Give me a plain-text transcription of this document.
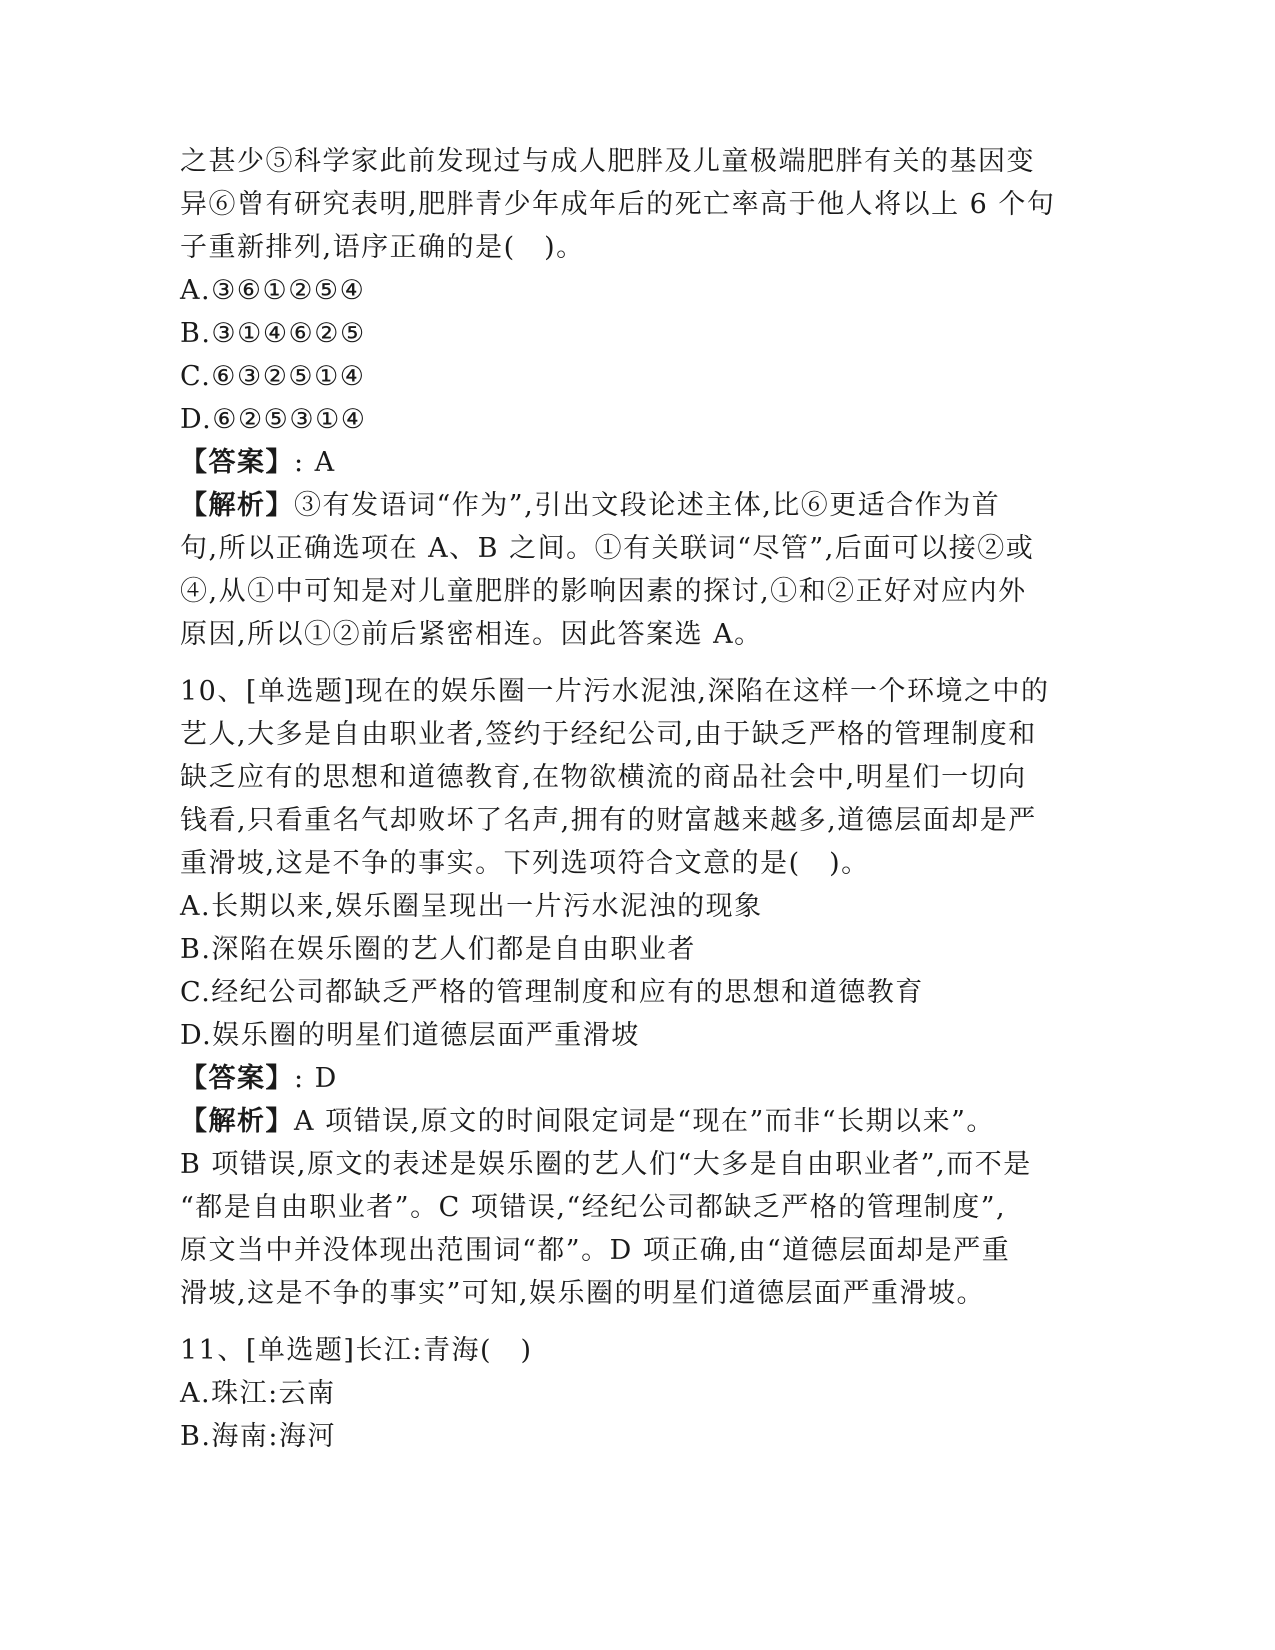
之甚少⑤科学家此前发现过与成人肥胖及儿童极端肥胖有关的基因变
异⑥曾有研究表明,肥胖青少年成年后的死亡率高于他人将以上 6 个句
子重新排列,语序正确的是(　)。
A.③⑥①②⑤④
B.③①④⑥②⑤
C.⑥③②⑤①④
D.⑥②⑤③①④
【答案】: A
【解析】③有发语词“作为”,引出文段论述主体,比⑥更适合作为首
句,所以正确选项在 A、B 之间。①有关联词“尽管”,后面可以接②或
④,从①中可知是对儿童肥胖的影响因素的探讨,①和②正好对应内外
原因,所以①②前后紧密相连。因此答案选 A。
10、[单选题]现在的娱乐圈一片污水泥浊,深陷在这样一个环境之中的
艺人,大多是自由职业者,签约于经纪公司,由于缺乏严格的管理制度和
缺乏应有的思想和道德教育,在物欲横流的商品社会中,明星们一切向
钱看,只看重名气却败坏了名声,拥有的财富越来越多,道德层面却是严
重滑坡,这是不争的事实。下列选项符合文意的是(　)。
A.长期以来,娱乐圈呈现出一片污水泥浊的现象
B.深陷在娱乐圈的艺人们都是自由职业者
C.经纪公司都缺乏严格的管理制度和应有的思想和道德教育
D.娱乐圈的明星们道德层面严重滑坡
【答案】: D
【解析】A 项错误,原文的时间限定词是“现在”而非“长期以来”。
B 项错误,原文的表述是娱乐圈的艺人们“大多是自由职业者”,而不是
“都是自由职业者”。C 项错误,“经纪公司都缺乏严格的管理制度”,
原文当中并没体现出范围词“都”。D 项正确,由“道德层面却是严重
滑坡,这是不争的事实”可知,娱乐圈的明星们道德层面严重滑坡。
11、[单选题]长江:青海(　)
A.珠江:云南
B.海南:海河
